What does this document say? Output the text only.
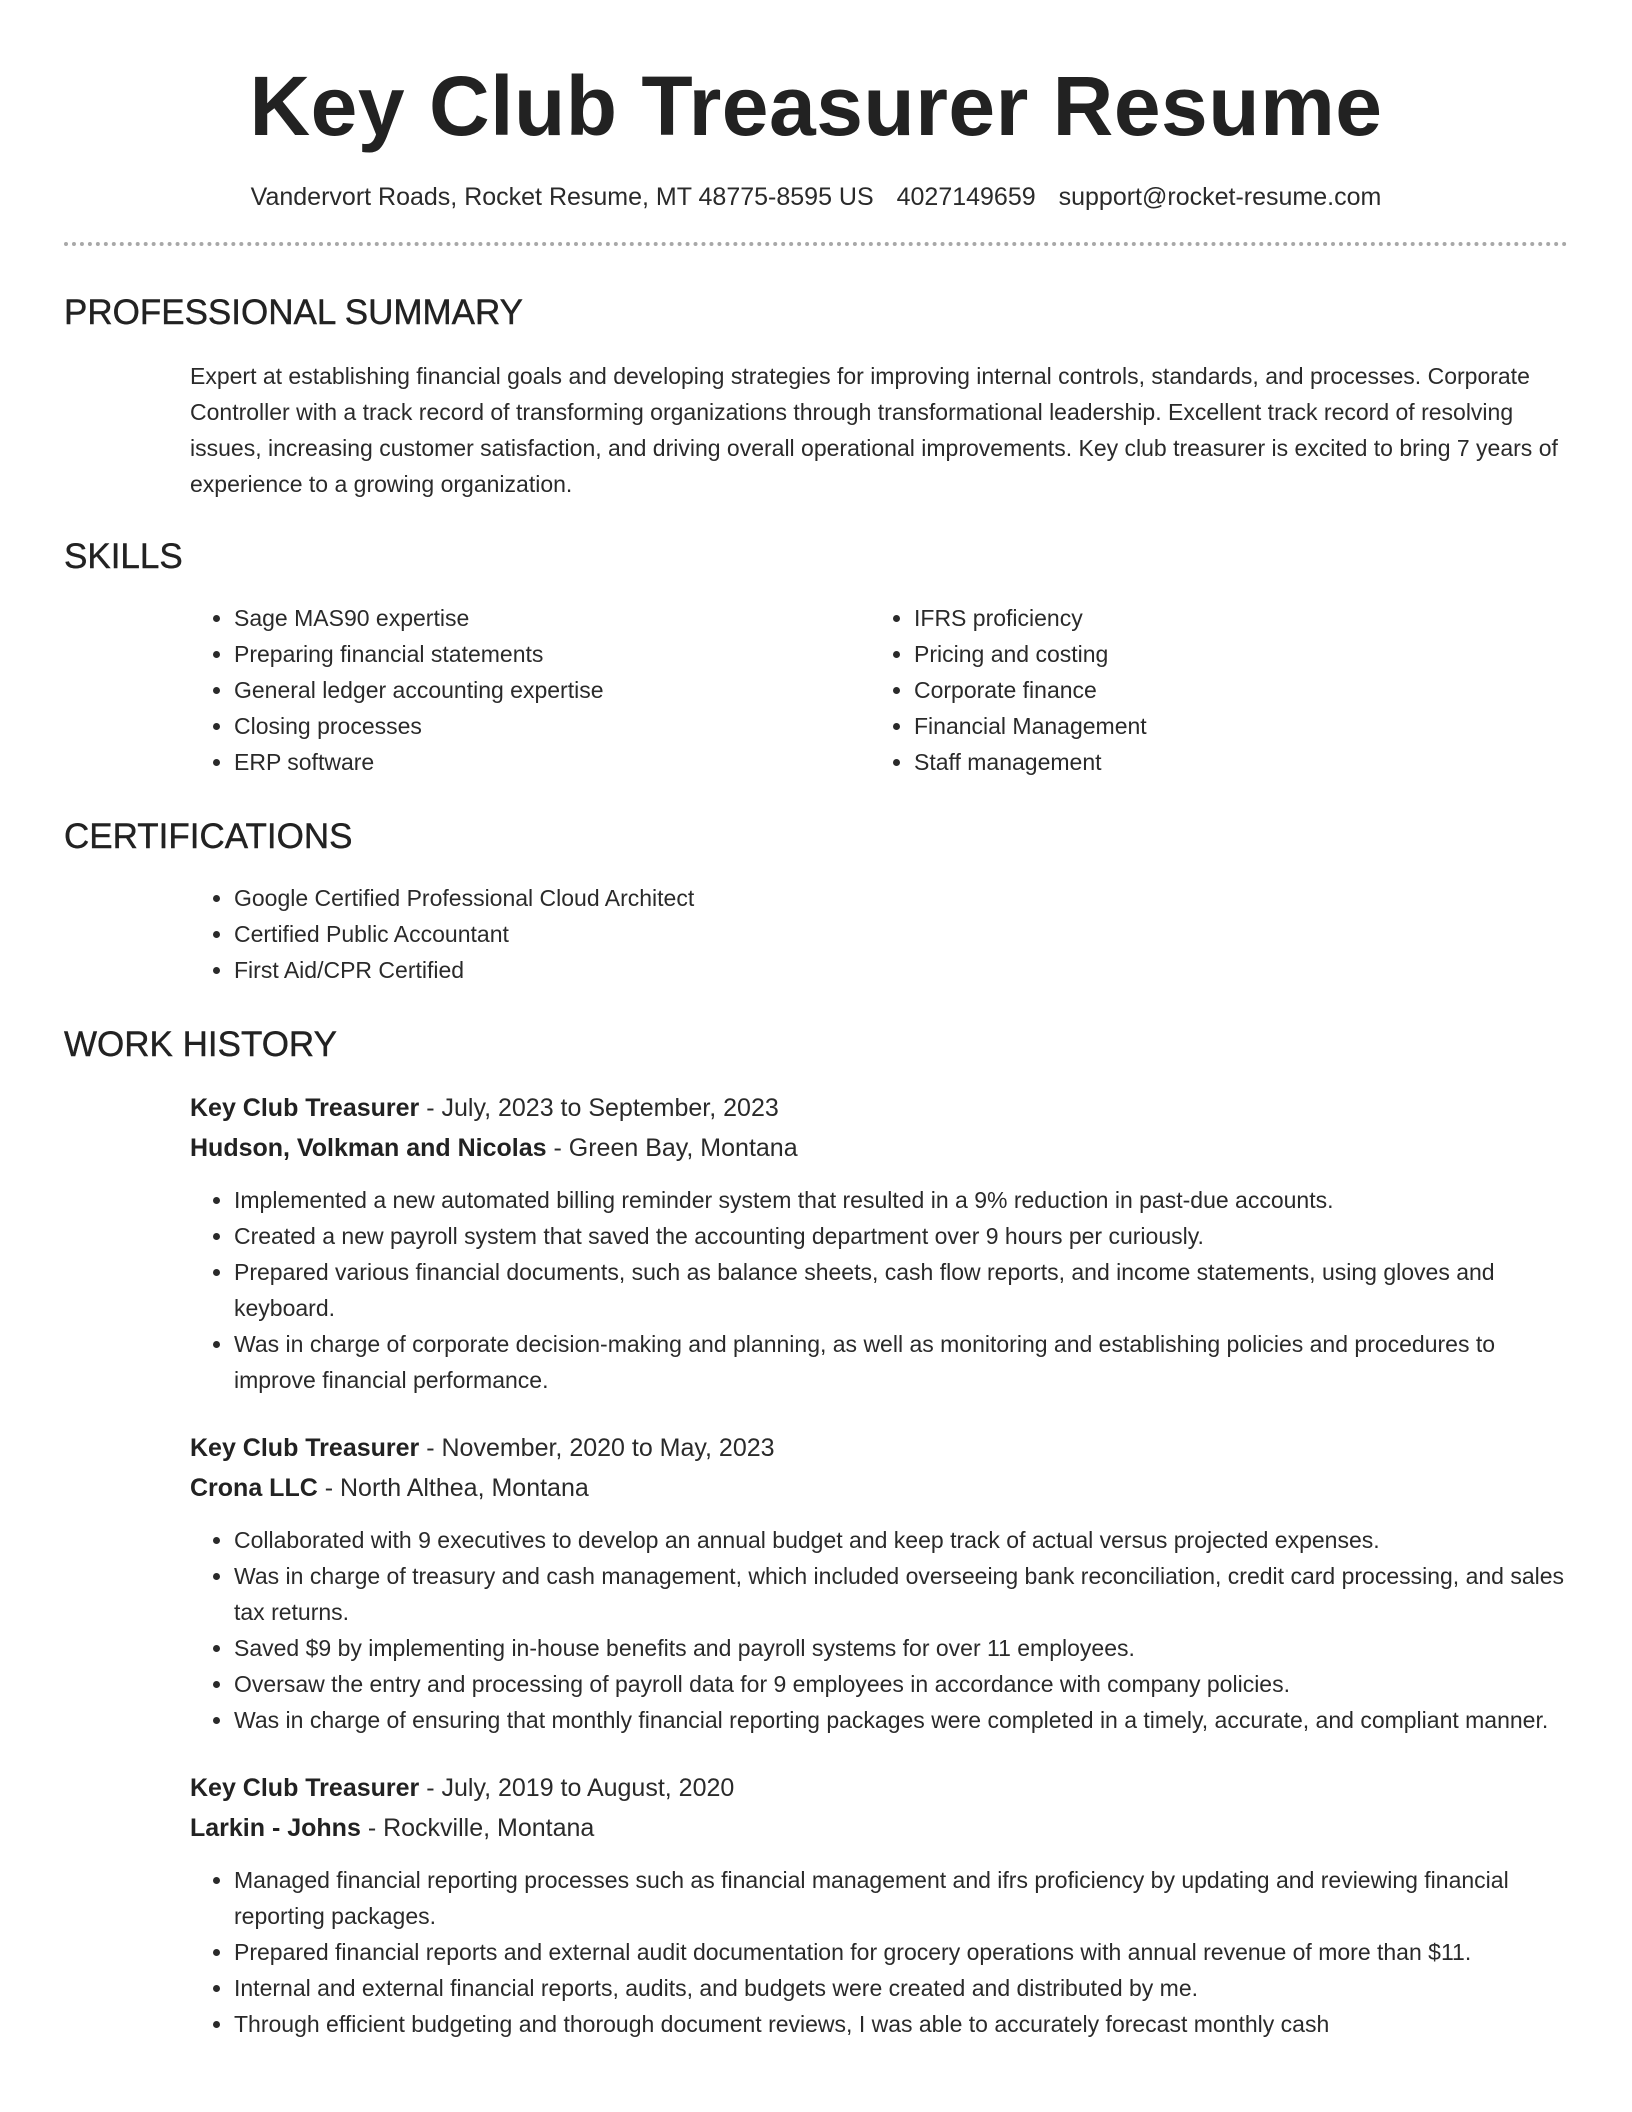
Key Club Treasurer Resume
Vandervort Roads, Rocket Resume, MT 48775-8595 US 4027149659 support@rocket-resume.com
PROFESSIONAL SUMMARY
Expert at establishing financial goals and developing strategies for improving internal controls, standards, and processes. Corporate Controller with a track record of transforming organizations through transformational leadership. Excellent track record of resolving issues, increasing customer satisfaction, and driving overall operational improvements. Key club treasurer is excited to bring 7 years of experience to a growing organization.
SKILLS
• Sage MAS90 expertise
• Preparing financial statements
• General ledger accounting expertise
• Closing processes
• ERP software
• IFRS proficiency
• Pricing and costing
• Corporate finance
• Financial Management
• Staff management
CERTIFICATIONS
• Google Certified Professional Cloud Architect
• Certified Public Accountant
• First Aid/CPR Certified
WORK HISTORY
Key Club Treasurer - July, 2023 to September, 2023
Hudson, Volkman and Nicolas - Green Bay, Montana
• Implemented a new automated billing reminder system that resulted in a 9% reduction in past-due accounts.
• Created a new payroll system that saved the accounting department over 9 hours per curiously.
• Prepared various financial documents, such as balance sheets, cash flow reports, and income statements, using gloves and keyboard.
• Was in charge of corporate decision-making and planning, as well as monitoring and establishing policies and procedures to improve financial performance.
Key Club Treasurer - November, 2020 to May, 2023
Crona LLC - North Althea, Montana
• Collaborated with 9 executives to develop an annual budget and keep track of actual versus projected expenses.
• Was in charge of treasury and cash management, which included overseeing bank reconciliation, credit card processing, and sales tax returns.
• Saved $9 by implementing in-house benefits and payroll systems for over 11 employees.
• Oversaw the entry and processing of payroll data for 9 employees in accordance with company policies.
• Was in charge of ensuring that monthly financial reporting packages were completed in a timely, accurate, and compliant manner.
Key Club Treasurer - July, 2019 to August, 2020
Larkin - Johns - Rockville, Montana
• Managed financial reporting processes such as financial management and ifrs proficiency by updating and reviewing financial reporting packages.
• Prepared financial reports and external audit documentation for grocery operations with annual revenue of more than $11.
• Internal and external financial reports, audits, and budgets were created and distributed by me.
• Through efficient budgeting and thorough document reviews, I was able to accurately forecast monthly cash
